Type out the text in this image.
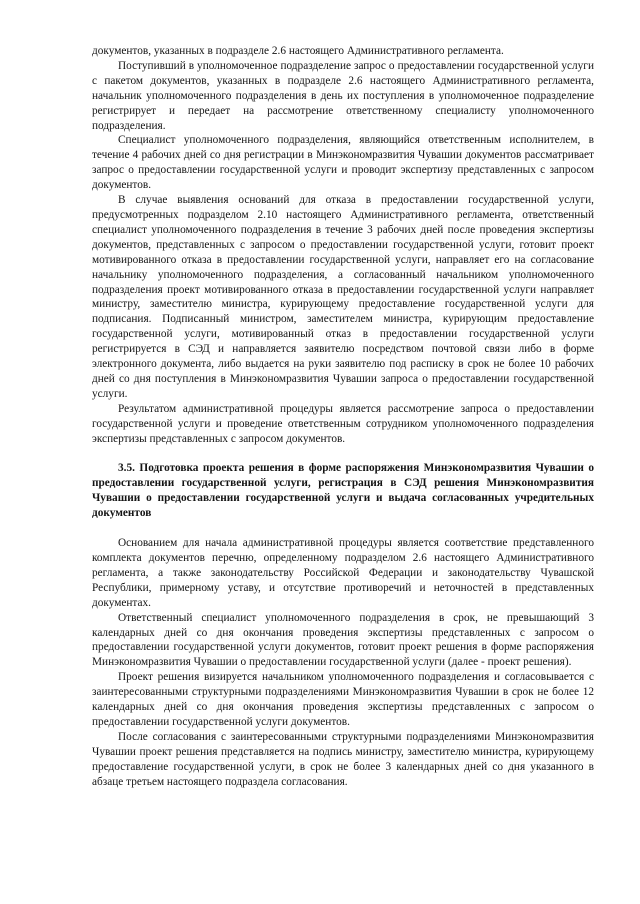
документов, указанных в подразделе 2.6 настоящего Административного регламента.

Поступивший в уполномоченное подразделение запрос о предоставлении государственной услуги с пакетом документов, указанных в подразделе 2.6 настоящего Административного регламента, начальник уполномоченного подразделения в день их поступления в уполномоченное подразделение регистрирует и передает на рассмотрение ответственному специалисту уполномоченного подразделения.

Специалист уполномоченного подразделения, являющийся ответственным исполнителем, в течение 4 рабочих дней со дня регистрации в Минэкономразвития Чувашии документов рассматривает запрос о предоставлении государственной услуги и проводит экспертизу представленных с запросом документов.

В случае выявления оснований для отказа в предоставлении государственной услуги, предусмотренных подразделом 2.10 настоящего Административного регламента, ответственный специалист уполномоченного подразделения в течение 3 рабочих дней после проведения экспертизы документов, представленных с запросом о предоставлении государственной услуги, готовит проект мотивированного отказа в предоставлении государственной услуги, направляет его на согласование начальнику уполномоченного подразделения, а согласованный начальником уполномоченного подразделения проект мотивированного отказа в предоставлении государственной услуги направляет министру, заместителю министра, курирующему предоставление государственной услуги для подписания. Подписанный министром, заместителем министра, курирующим предоставление государственной услуги, мотивированный отказ в предоставлении государственной услуги регистрируется в СЭД и направляется заявителю посредством почтовой связи либо в форме электронного документа, либо выдается на руки заявителю под расписку в срок не более 10 рабочих дней со дня поступления в Минэкономразвития Чувашии запроса о предоставлении государственной услуги.

Результатом административной процедуры является рассмотрение запроса о предоставлении государственной услуги и проведение ответственным сотрудником уполномоченного подразделения экспертизы представленных с запросом документов.

3.5. Подготовка проекта решения в форме распоряжения Минэкономразвития Чувашии о предоставлении государственной услуги, регистрация в СЭД решения Минэкономразвития Чувашии о предоставлении государственной услуги и выдача согласованных учредительных документов

Основанием для начала административной процедуры является соответствие представленного комплекта документов перечню, определенному подразделом 2.6 настоящего Административного регламента, а также законодательству Российской Федерации и законодательству Чувашской Республики, примерному уставу, и отсутствие противоречий и неточностей в представленных документах.

Ответственный специалист уполномоченного подразделения в срок, не превышающий 3 календарных дней со дня окончания проведения экспертизы представленных с запросом о предоставлении государственной услуги документов, готовит проект решения в форме распоряжения Минэкономразвития Чувашии о предоставлении государственной услуги (далее - проект решения).

Проект решения визируется начальником уполномоченного подразделения и согласовывается с заинтересованными структурными подразделениями Минэкономразвития Чувашии в срок не более 12 календарных дней со дня окончания проведения экспертизы представленных с запросом о предоставлении государственной услуги документов.

После согласования с заинтересованными структурными подразделениями Минэкономразвития Чувашии проект решения представляется на подпись министру, заместителю министра, курирующему предоставление государственной услуги, в срок не более 3 календарных дней со дня указанного в абзаце третьем настоящего подраздела согласования.
